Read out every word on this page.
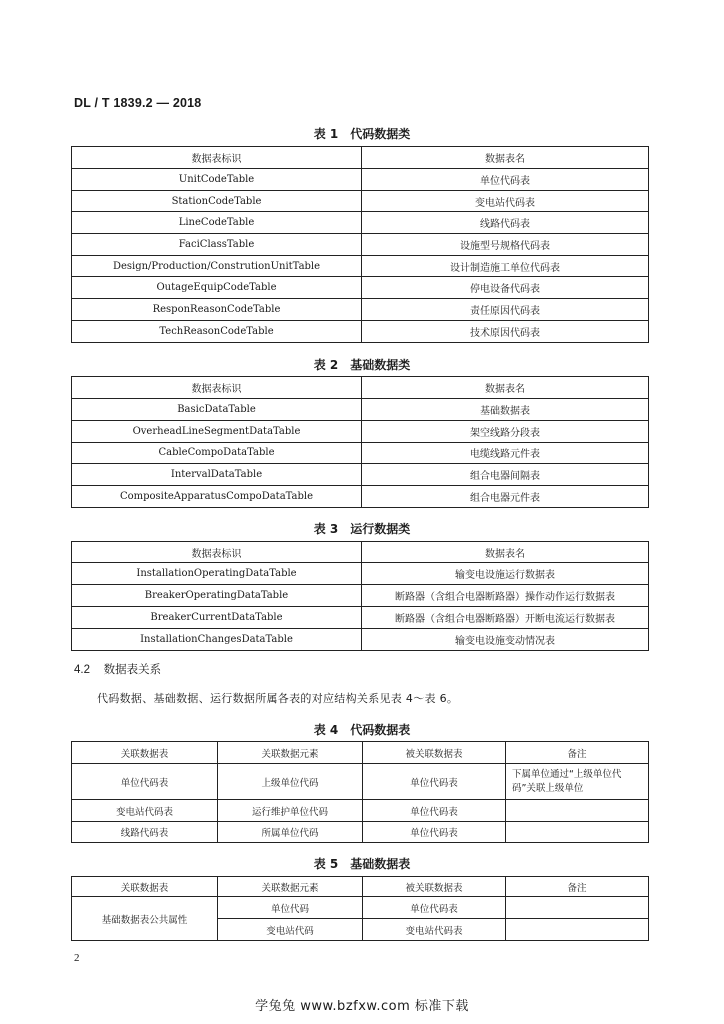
DL / T 1839.2 — 2018
表 1　代码数据类
数据表标识	数据表名
UnitCodeTable	单位代码表
StationCodeTable	变电站代码表
LineCodeTable	线路代码表
FaciClassTable	设施型号规格代码表
Design/Production/ConstrutionUnitTable	设计制造施工单位代码表
OutageEquipCodeTable	停电设备代码表
ResponReasonCodeTable	责任原因代码表
TechReasonCodeTable	技术原因代码表
表 2　基础数据类
数据表标识	数据表名
BasicDataTable	基础数据表
OverheadLineSegmentDataTable	架空线路分段表
CableCompoDataTable	电缆线路元件表
IntervalDataTable	组合电器间隔表
CompositeApparatusCompoDataTable	组合电器元件表
表 3　运行数据类
数据表标识	数据表名
InstallationOperatingDataTable	输变电设施运行数据表
BreakerOperatingDataTable	断路器（含组合电器断路器）操作动作运行数据表
BreakerCurrentDataTable	断路器（含组合电器断路器）开断电流运行数据表
InstallationChangesDataTable	输变电设施变动情况表
4.2 数据表关系
代码数据、基础数据、运行数据所属各表的对应结构关系见表 4～表 6。
表 4　代码数据表
关联数据表	关联数据元素	被关联数据表	备注
单位代码表	上级单位代码	单位代码表	下属单位通过“上级单位代码”关联上级单位
变电站代码表	运行维护单位代码	单位代码表	
线路代码表	所属单位代码	单位代码表	
表 5　基础数据表
关联数据表	关联数据元素	被关联数据表	备注
基础数据表公共属性	单位代码	单位代码表	
	变电站代码	变电站代码表	
2
学兔兔 www.bzfxw.com 标准下载
